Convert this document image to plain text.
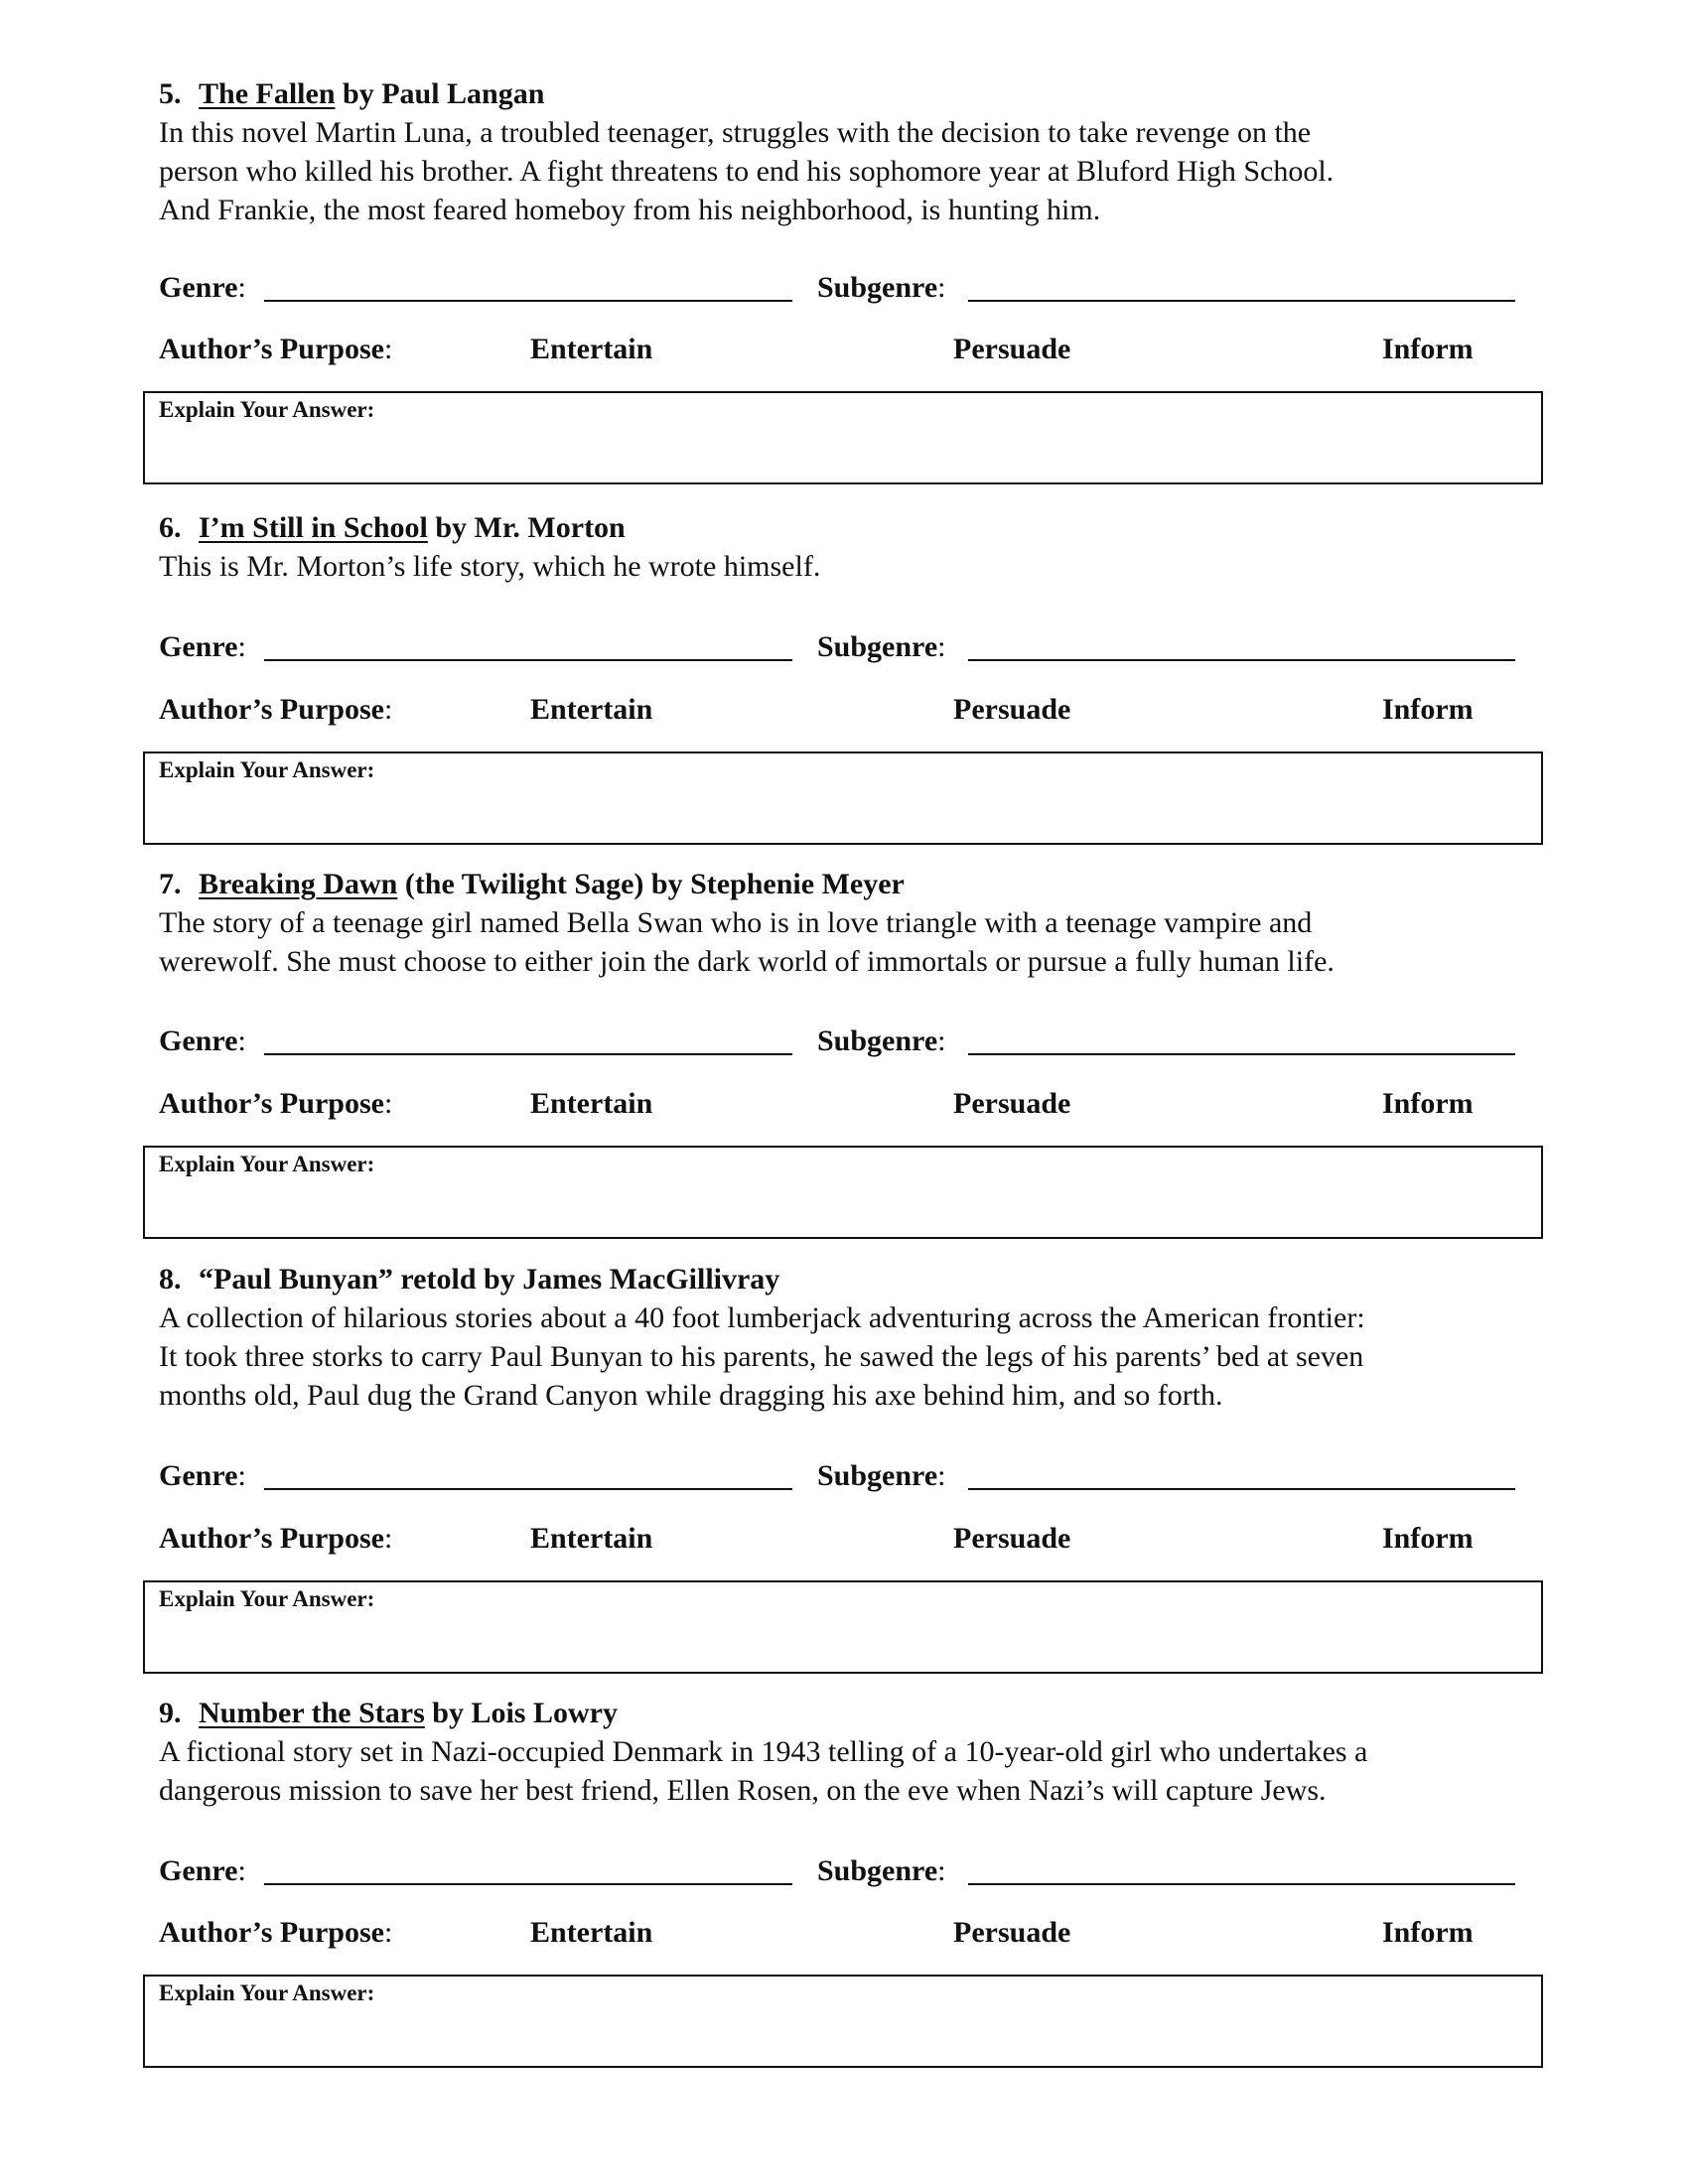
5. The Fallen by Paul Langan
In this novel Martin Luna, a troubled teenager, struggles with the decision to take revenge on the
person who killed his brother. A fight threatens to end his sophomore year at Bluford High School.
And Frankie, the most feared homeboy from his neighborhood, is hunting him.
Genre:	Subgenre:
Author’s Purpose:	Entertain	Persuade	Inform
Explain Your Answer:
6. I’m Still in School by Mr. Morton
This is Mr. Morton’s life story, which he wrote himself.
Genre:	Subgenre:
Author’s Purpose:	Entertain	Persuade	Inform
Explain Your Answer:
7. Breaking Dawn (the Twilight Sage) by Stephenie Meyer
The story of a teenage girl named Bella Swan who is in love triangle with a teenage vampire and
werewolf. She must choose to either join the dark world of immortals or pursue a fully human life.
Genre:	Subgenre:
Author’s Purpose:	Entertain	Persuade	Inform
Explain Your Answer:
8. “Paul Bunyan” retold by James MacGillivray
A collection of hilarious stories about a 40 foot lumberjack adventuring across the American frontier:
It took three storks to carry Paul Bunyan to his parents, he sawed the legs of his parents’ bed at seven
months old, Paul dug the Grand Canyon while dragging his axe behind him, and so forth.
Genre:	Subgenre:
Author’s Purpose:	Entertain	Persuade	Inform
Explain Your Answer:
9. Number the Stars by Lois Lowry
A fictional story set in Nazi-occupied Denmark in 1943 telling of a 10-year-old girl who undertakes a
dangerous mission to save her best friend, Ellen Rosen, on the eve when Nazi’s will capture Jews.
Genre:	Subgenre:
Author’s Purpose:	Entertain	Persuade	Inform
Explain Your Answer:
